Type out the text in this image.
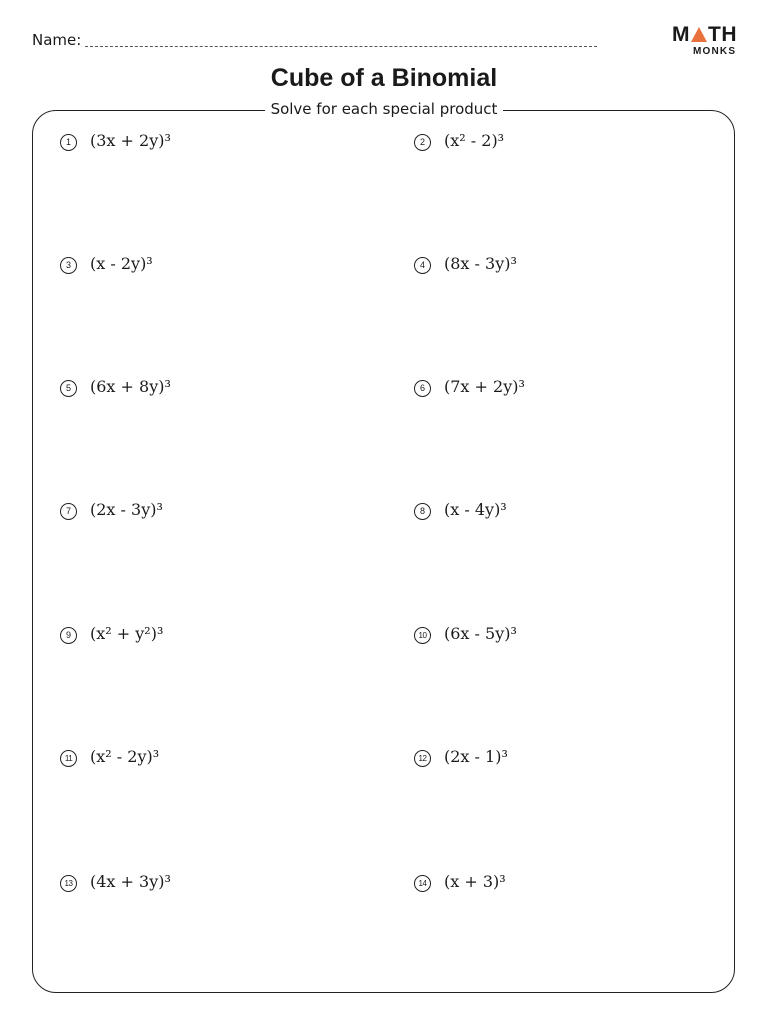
Name:	M TH
MONKS
Cube of a Binomial
Solve for each special product
1	(3x + 2y)³	2	(x² - 2)³
3	(x - 2y)³	4	(8x - 3y)³
5	(6x + 8y)³	6	(7x + 2y)³
7	(2x - 3y)³	8	(x - 4y)³
9	(x² + y²)³	10 (6x - 5y)³
11	(x² - 2y)³	12 (2x - 1)³
13 (4x + 3y)³	14 (x + 3)³
